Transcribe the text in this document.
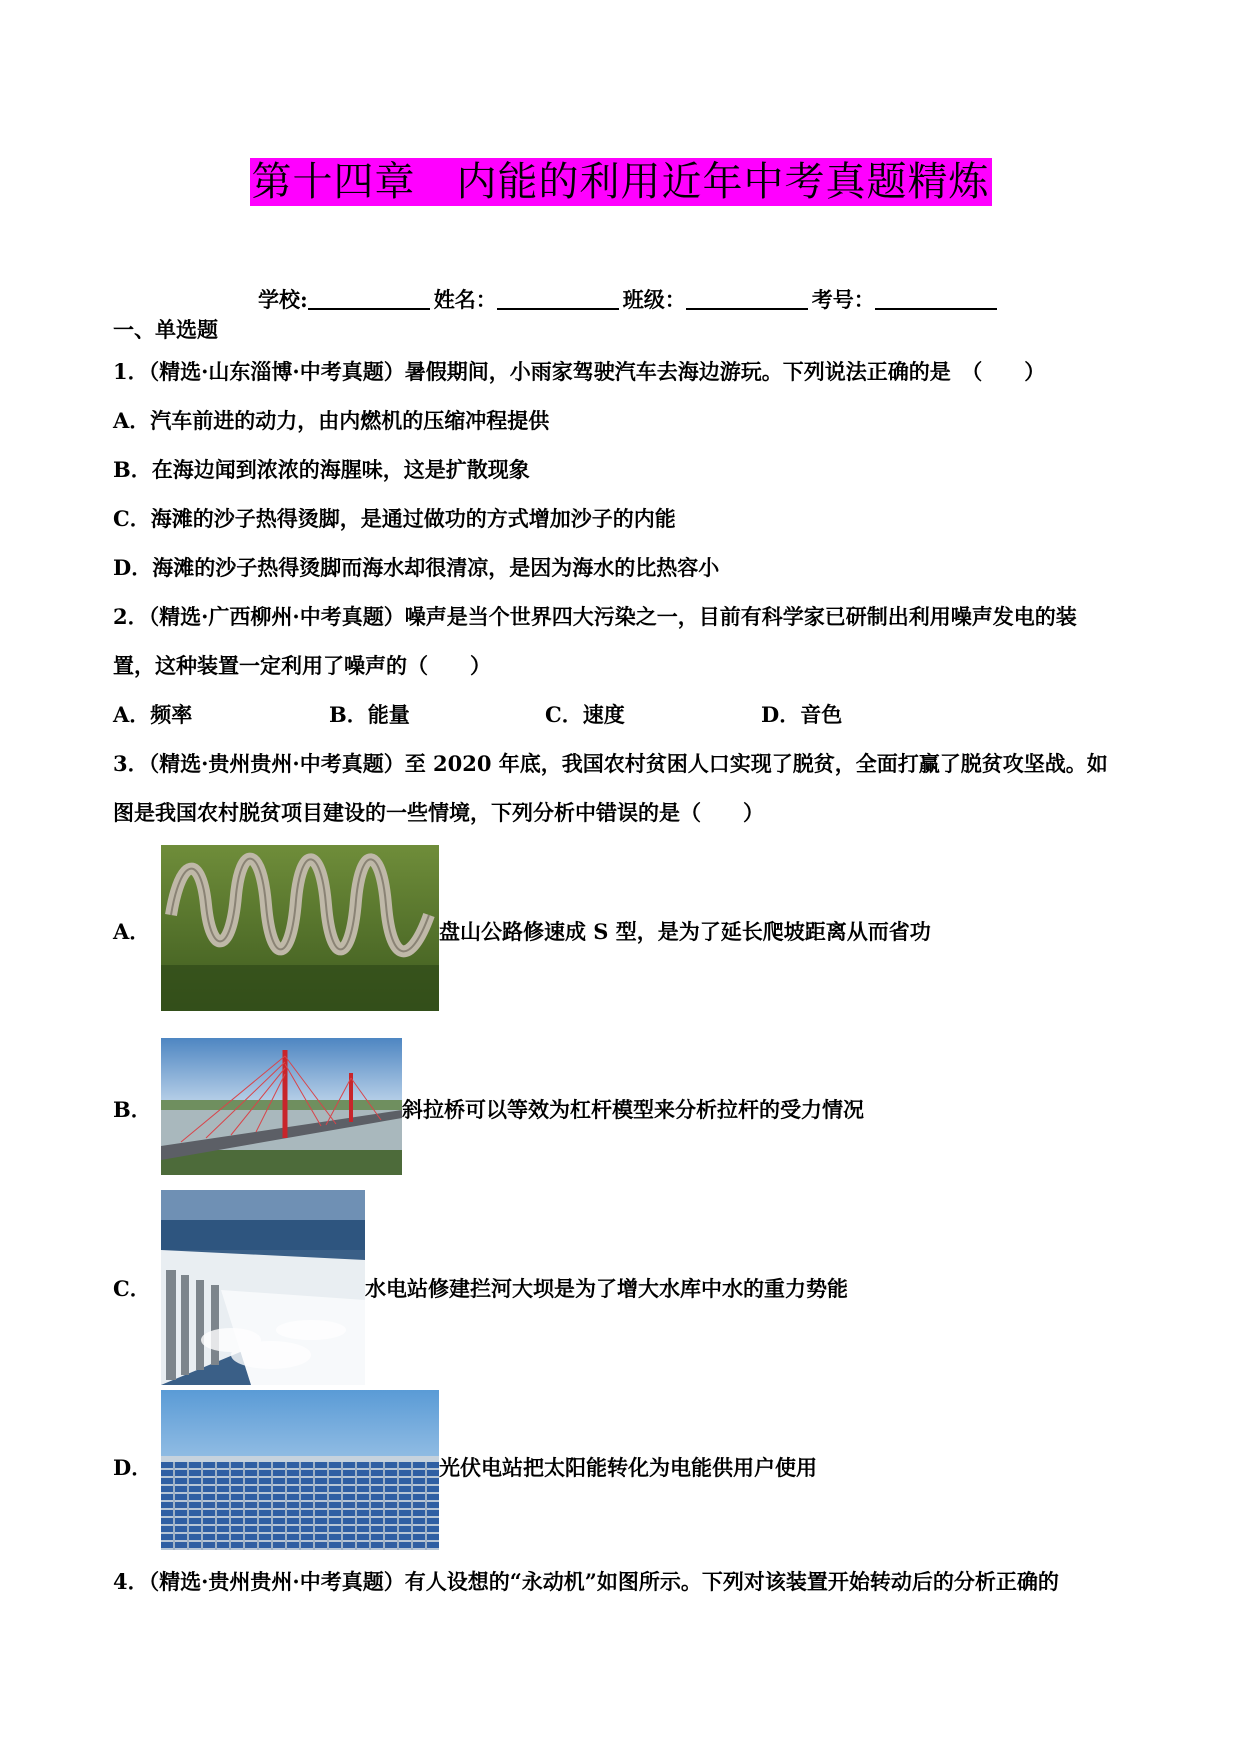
第十四章　内能的利用近年中考真题精炼
学校:	姓名：	班级：	考号：
一、单选题
1．（精选·山东淄博·中考真题）暑假期间，小雨家驾驶汽车去海边游玩。下列说法正确的是　（　　）
A．汽车前进的动力，由内燃机的压缩冲程提供
B．在海边闻到浓浓的海腥味，这是扩散现象
C．海滩的沙子热得烫脚，是通过做功的方式增加沙子的内能
D．海滩的沙子热得烫脚而海水却很清凉，是因为海水的比热容小
2．（精选·广西柳州·中考真题）噪声是当个世界四大污染之一，目前有科学家已研制出利用噪声发电的装
置，这种装置一定利用了噪声的（　　）
A．频率	B．能量	C．速度	D．音色
3．（精选·贵州贵州·中考真题）至 2020 年底，我国农村贫困人口实现了脱贫，全面打赢了脱贫攻坚战。如
图是我国农村脱贫项目建设的一些情境，下列分析中错误的是（　　）
A．	盘山公路修速成 S 型，是为了延长爬坡距离从而省功
B．	斜拉桥可以等效为杠杆模型来分析拉杆的受力情况
C．	水电站修建拦河大坝是为了增大水库中水的重力势能
D．	光伏电站把太阳能转化为电能供用户使用
4．（精选·贵州贵州·中考真题）有人设想的“永动机”如图所示。下列对该装置开始转动后的分析正确的
